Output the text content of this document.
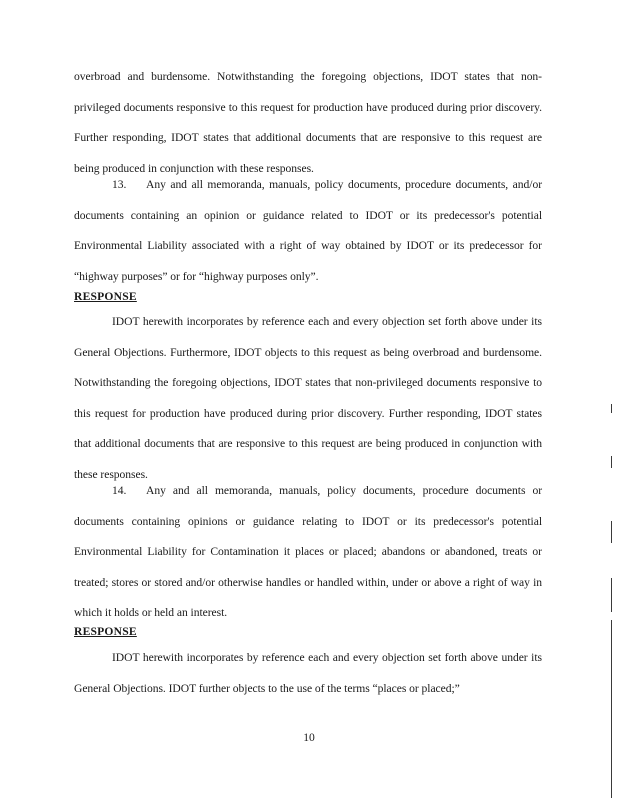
overbroad and burdensome. Notwithstanding the foregoing objections, IDOT states that non-privileged documents responsive to this request for production have produced during prior discovery. Further responding, IDOT states that additional documents that are responsive to this request are being produced in conjunction with these responses.

13. Any and all memoranda, manuals, policy documents, procedure documents, and/or documents containing an opinion or guidance related to IDOT or its predecessor's potential Environmental Liability associated with a right of way obtained by IDOT or its predecessor for “highway purposes” or for “highway purposes only”.

RESPONSE

IDOT herewith incorporates by reference each and every objection set forth above under its General Objections. Furthermore, IDOT objects to this request as being overbroad and burdensome. Notwithstanding the foregoing objections, IDOT states that non-privileged documents responsive to this request for production have produced during prior discovery. Further responding, IDOT states that additional documents that are responsive to this request are being produced in conjunction with these responses.

14. Any and all memoranda, manuals, policy documents, procedure documents or documents containing opinions or guidance relating to IDOT or its predecessor's potential Environmental Liability for Contamination it places or placed; abandons or abandoned, treats or treated; stores or stored and/or otherwise handles or handled within, under or above a right of way in which it holds or held an interest.

RESPONSE

IDOT herewith incorporates by reference each and every objection set forth above under its General Objections. IDOT further objects to the use of the terms “places or placed;”

10
